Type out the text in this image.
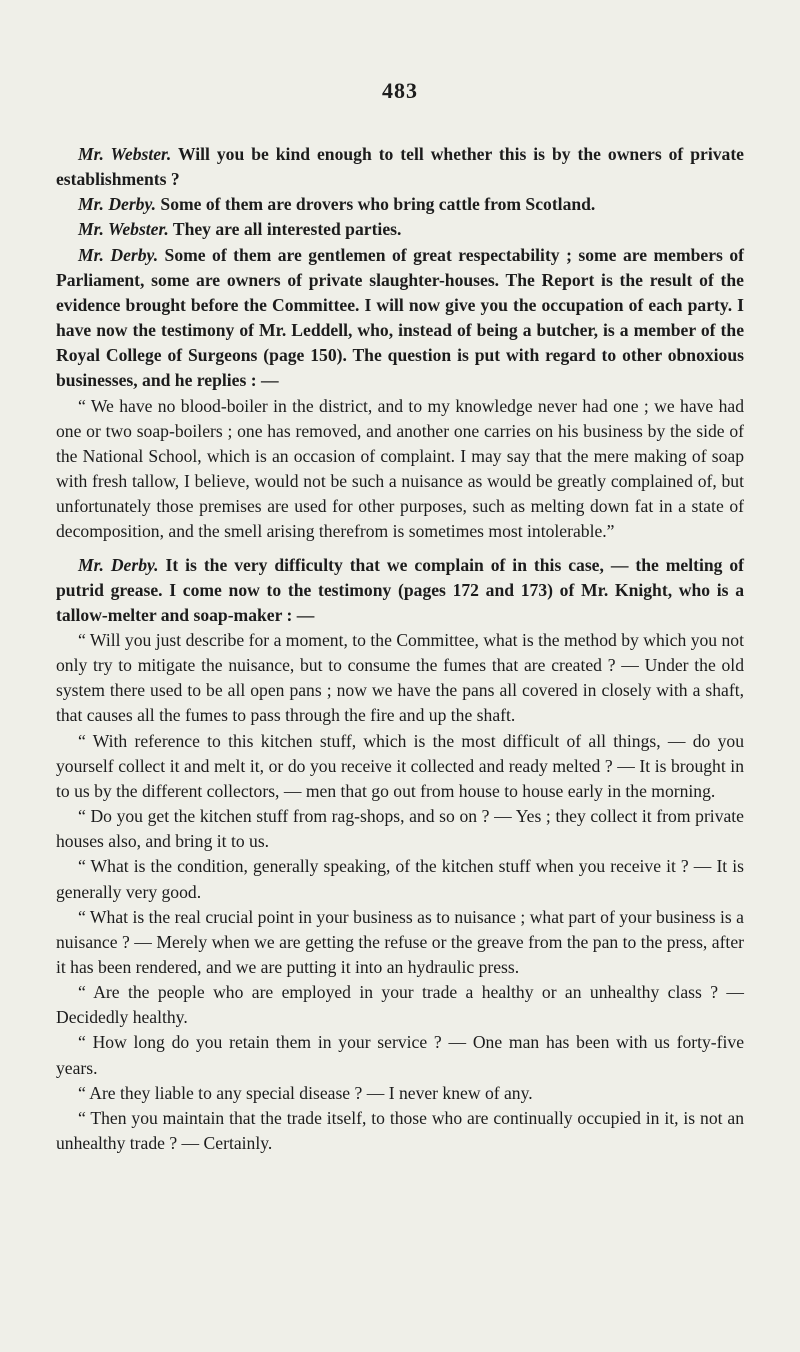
483

Mr. Webster. Will you be kind enough to tell whether this is by the owners of private establishments ?

Mr. Derby. Some of them are drovers who bring cattle from Scotland.

Mr. Webster. They are all interested parties.

Mr. Derby. Some of them are gentlemen of great respectability ; some are members of Parliament, some are owners of private slaughter-houses. The Report is the result of the evidence brought before the Committee. I will now give you the occupation of each party. I have now the testimony of Mr. Leddell, who, instead of being a butcher, is a member of the Royal College of Surgeons (page 150). The question is put with regard to other obnoxious businesses, and he replies : —

“ We have no blood-boiler in the district, and to my knowledge never had one ; we have had one or two soap-boilers ; one has removed, and another one carries on his business by the side of the National School, which is an occasion of complaint. I may say that the mere making of soap with fresh tallow, I believe, would not be such a nuisance as would be greatly complained of, but unfortunately those premises are used for other purposes, such as melting down fat in a state of decomposition, and the smell arising therefrom is sometimes most intolerable.”

Mr. Derby. It is the very difficulty that we complain of in this case, — the melting of putrid grease. I come now to the testimony (pages 172 and 173) of Mr. Knight, who is a tallow-melter and soap-maker : —

“ Will you just describe for a moment, to the Committee, what is the method by which you not only try to mitigate the nuisance, but to consume the fumes that are created ? — Under the old system there used to be all open pans ; now we have the pans all covered in closely with a shaft, that causes all the fumes to pass through the fire and up the shaft.

“ With reference to this kitchen stuff, which is the most difficult of all things, — do you yourself collect it and melt it, or do you receive it collected and ready melted ? — It is brought in to us by the different collectors, — men that go out from house to house early in the morning.

“ Do you get the kitchen stuff from rag-shops, and so on ? — Yes ; they collect it from private houses also, and bring it to us.

“ What is the condition, generally speaking, of the kitchen stuff when you receive it ? — It is generally very good.

“ What is the real crucial point in your business as to nuisance ; what part of your business is a nuisance ? — Merely when we are getting the refuse or the greave from the pan to the press, after it has been rendered, and we are putting it into an hydraulic press.

“ Are the people who are employed in your trade a healthy or an unhealthy class ? — Decidedly healthy.

“ How long do you retain them in your service ? — One man has been with us forty-five years.

“ Are they liable to any special disease ? — I never knew of any.

“ Then you maintain that the trade itself, to those who are continually occupied in it, is not an unhealthy trade ? — Certainly.
